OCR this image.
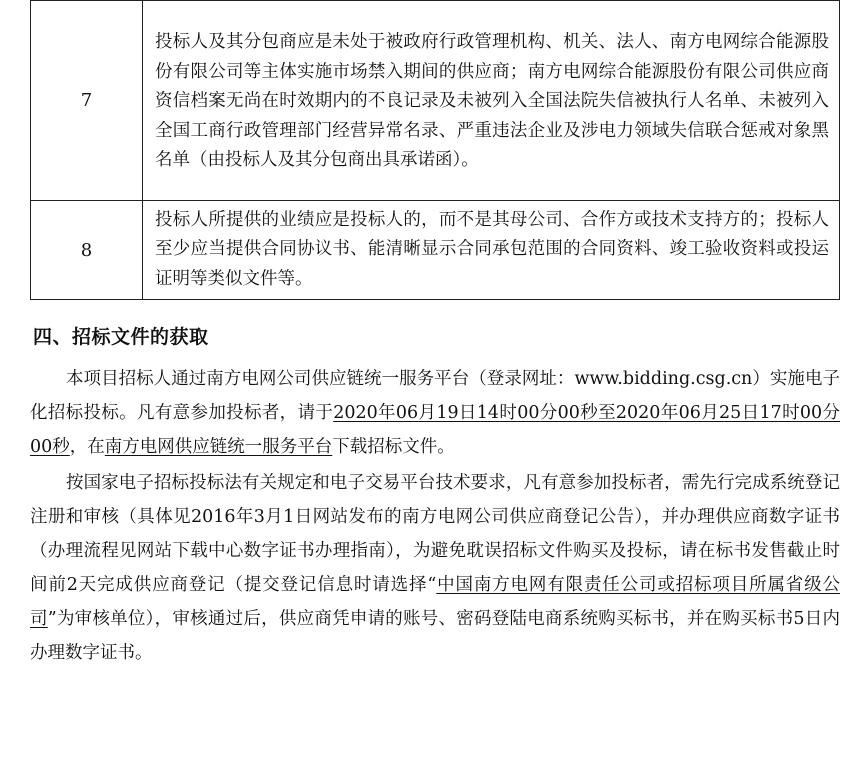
7	投标人及其分包商应是未处于被政府行政管理机构、机关、法人、南方电网综合能源股份有限公司等主体实施市场禁入期间的供应商；南方电网综合能源股份有限公司供应商资信档案无尚在时效期内的不良记录及未被列入全国法院失信被执行人名单、未被列入全国工商行政管理部门经营异常名录、严重违法企业及涉电力领域失信联合惩戒对象黑名单（由投标人及其分包商出具承诺函）。
8	投标人所提供的业绩应是投标人的，而不是其母公司、合作方或技术支持方的；投标人至少应当提供合同协议书、能清晰显示合同承包范围的合同资料、竣工验收资料或投运证明等类似文件等。
四、招标文件的获取

本项目招标人通过南方电网公司供应链统一服务平台（登录网址：www.bidding.csg.cn）实施电子化招标投标。凡有意参加投标者，请于2020年06月19日14时00分00秒至2020年06月25日17时00分00秒，在南方电网供应链统一服务平台下载招标文件。

按国家电子招标投标法有关规定和电子交易平台技术要求，凡有意参加投标者，需先行完成系统登记注册和审核（具体见2016年3月1日网站发布的南方电网公司供应商登记公告），并办理供应商数字证书（办理流程见网站下载中心数字证书办理指南），为避免耽误招标文件购买及投标，请在标书发售截止时间前2天完成供应商登记（提交登记信息时请选择“中国南方电网有限责任公司或招标项目所属省级公司”为审核单位），审核通过后，供应商凭申请的账号、密码登陆电商系统购买标书，并在购买标书5日内办理数字证书。
